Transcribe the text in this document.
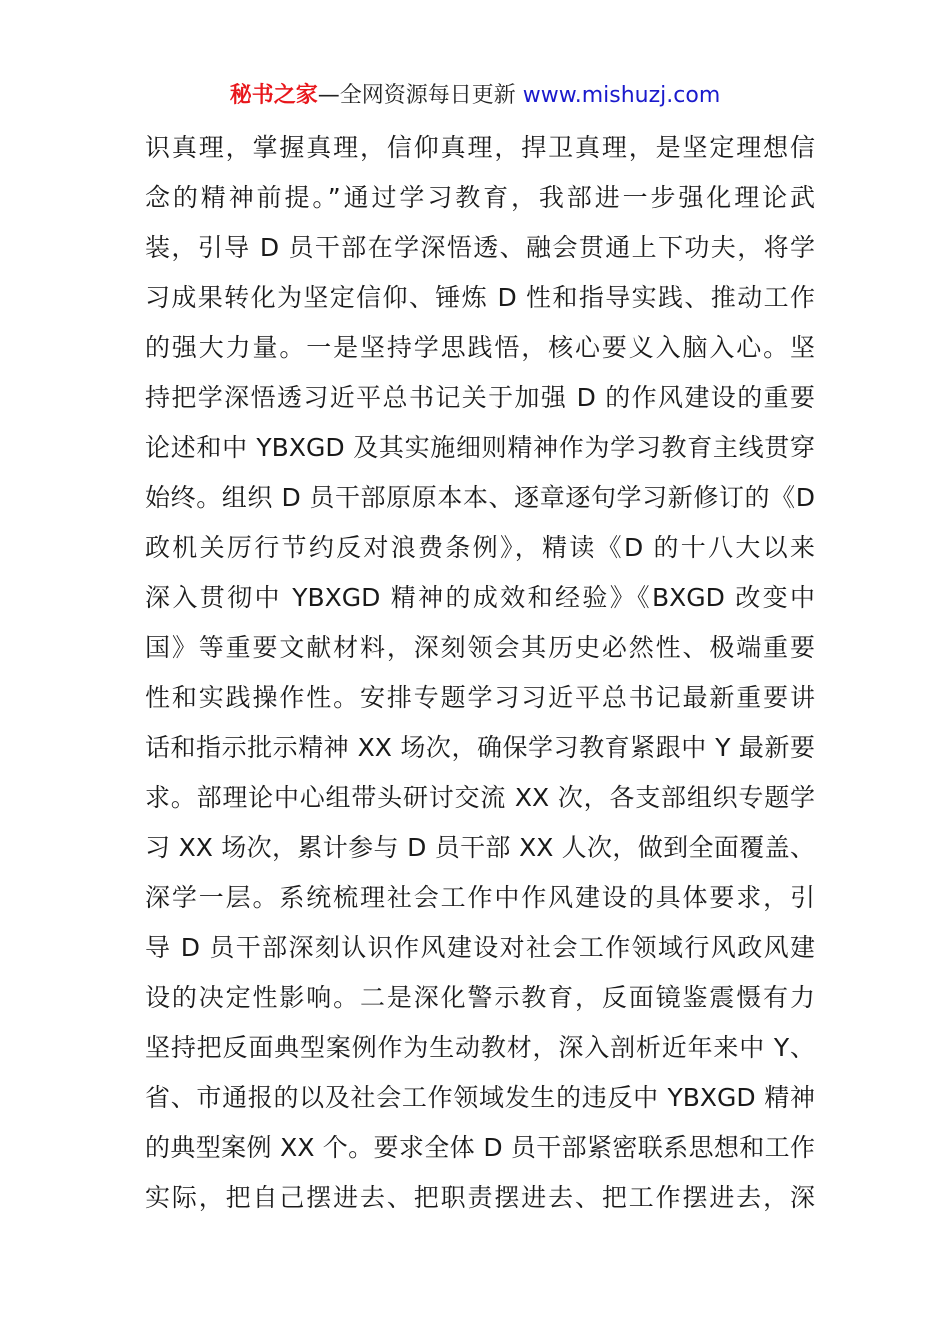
秘书之家—全网资源每日更新 www.mishuzj.com
识真理，掌握真理，信仰真理，捍卫真理，是坚定理想信
念的精神前提。”通过学习教育，我部进一步强化理论武
装，引导 D 员干部在学深悟透、融会贯通上下功夫，将学
习成果转化为坚定信仰、锤炼 D 性和指导实践、推动工作
的强大力量。一是坚持学思践悟，核心要义入脑入心。坚
持把学深悟透习近平总书记关于加强 D 的作风建设的重要
论述和中 YBXGD 及其实施细则精神作为学习教育主线贯穿
始终。组织 D 员干部原原本本、逐章逐句学习新修订的《D
政机关厉行节约反对浪费条例》，精读《D 的十八大以来
深入贯彻中 YBXGD 精神的成效和经验》《BXGD 改变中
国》等重要文献材料，深刻领会其历史必然性、极端重要
性和实践操作性。安排专题学习习近平总书记最新重要讲
话和指示批示精神 XX 场次，确保学习教育紧跟中 Y 最新要
求。部理论中心组带头研讨交流 XX 次，各支部组织专题学
习 XX 场次，累计参与 D 员干部 XX 人次，做到全面覆盖、
深学一层。系统梳理社会工作中作风建设的具体要求，引
导 D 员干部深刻认识作风建设对社会工作领域行风政风建
设的决定性影响。二是深化警示教育，反面镜鉴震慑有力
坚持把反面典型案例作为生动教材，深入剖析近年来中 Y、
省、市通报的以及社会工作领域发生的违反中 YBXGD 精神
的典型案例 XX 个。要求全体 D 员干部紧密联系思想和工作
实际，把自己摆进去、把职责摆进去、把工作摆进去，深
